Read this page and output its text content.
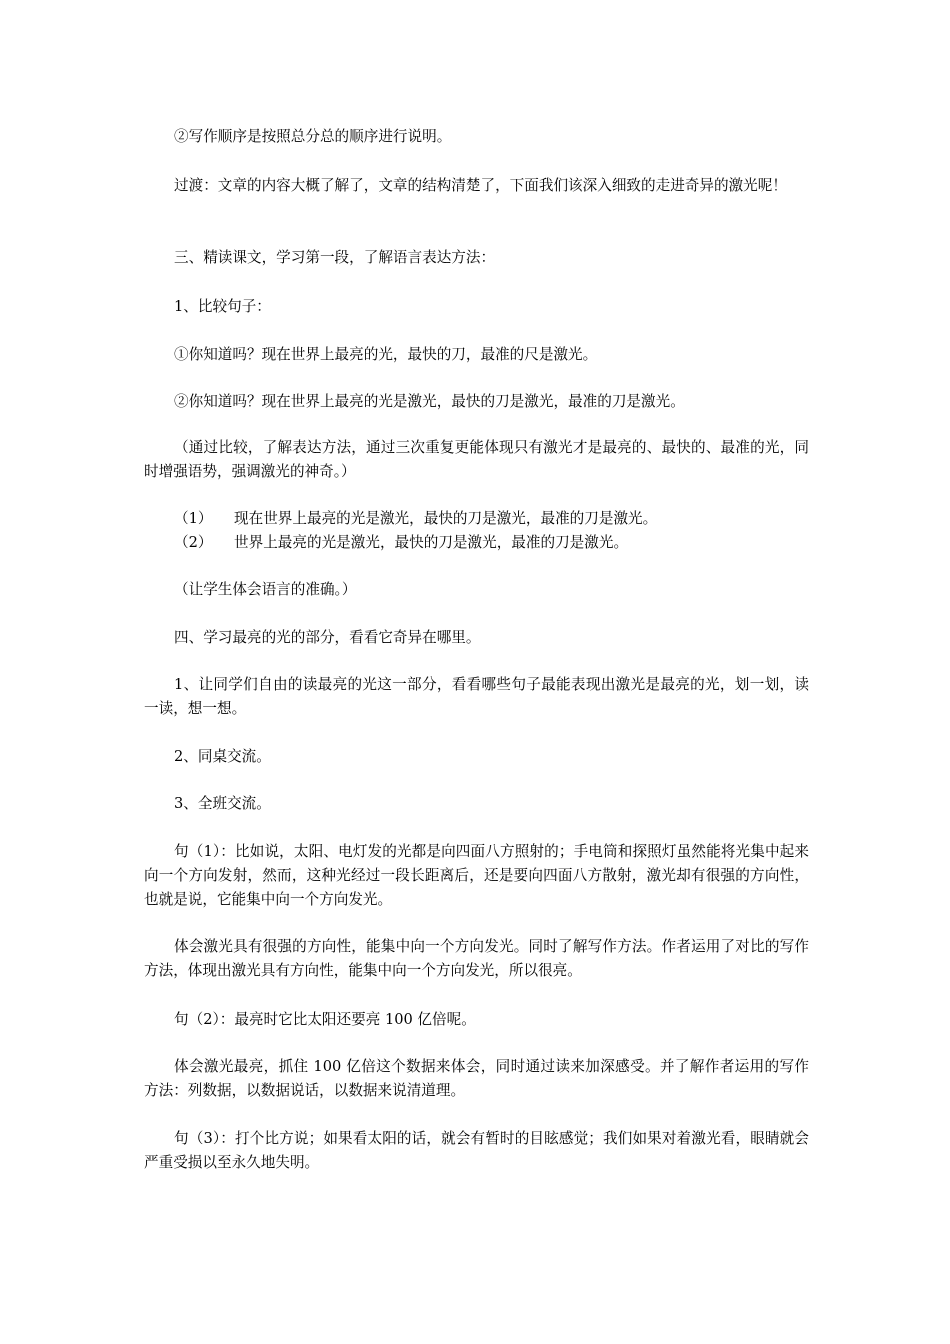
②写作顺序是按照总分总的顺序进行说明。

过渡：文章的内容大概了解了，文章的结构清楚了，下面我们该深入细致的走进奇异的激光呢！

三、精读课文，学习第一段，了解语言表达方法：

1、比较句子：

①你知道吗？现在世界上最亮的光，最快的刀，最准的尺是激光。

②你知道吗？现在世界上最亮的光是激光，最快的刀是激光，最准的刀是激光。

（通过比较，了解表达方法，通过三次重复更能体现只有激光才是最亮的、最快的、最准的光，同时增强语势，强调激光的神奇。）

（1） 现在世界上最亮的光是激光，最快的刀是激光，最准的刀是激光。
（2） 世界上最亮的光是激光，最快的刀是激光，最准的刀是激光。

（让学生体会语言的准确。）

四、学习最亮的光的部分，看看它奇异在哪里。

1、让同学们自由的读最亮的光这一部分，看看哪些句子最能表现出激光是最亮的光，划一划，读一读，想一想。

2、同桌交流。

3、全班交流。

句（1）：比如说，太阳、电灯发的光都是向四面八方照射的；手电筒和探照灯虽然能将光集中起来向一个方向发射，然而，这种光经过一段长距离后，还是要向四面八方散射，激光却有很强的方向性，也就是说，它能集中向一个方向发光。

体会激光具有很强的方向性，能集中向一个方向发光。同时了解写作方法。作者运用了对比的写作方法，体现出激光具有方向性，能集中向一个方向发光，所以很亮。

句（2）：最亮时它比太阳还要亮 100 亿倍呢。

体会激光最亮，抓住 100 亿倍这个数据来体会，同时通过读来加深感受。并了解作者运用的写作方法：列数据，以数据说话，以数据来说清道理。

句（3）：打个比方说；如果看太阳的话，就会有暂时的目眩感觉；我们如果对着激光看，眼睛就会严重受损以至永久地失明。
